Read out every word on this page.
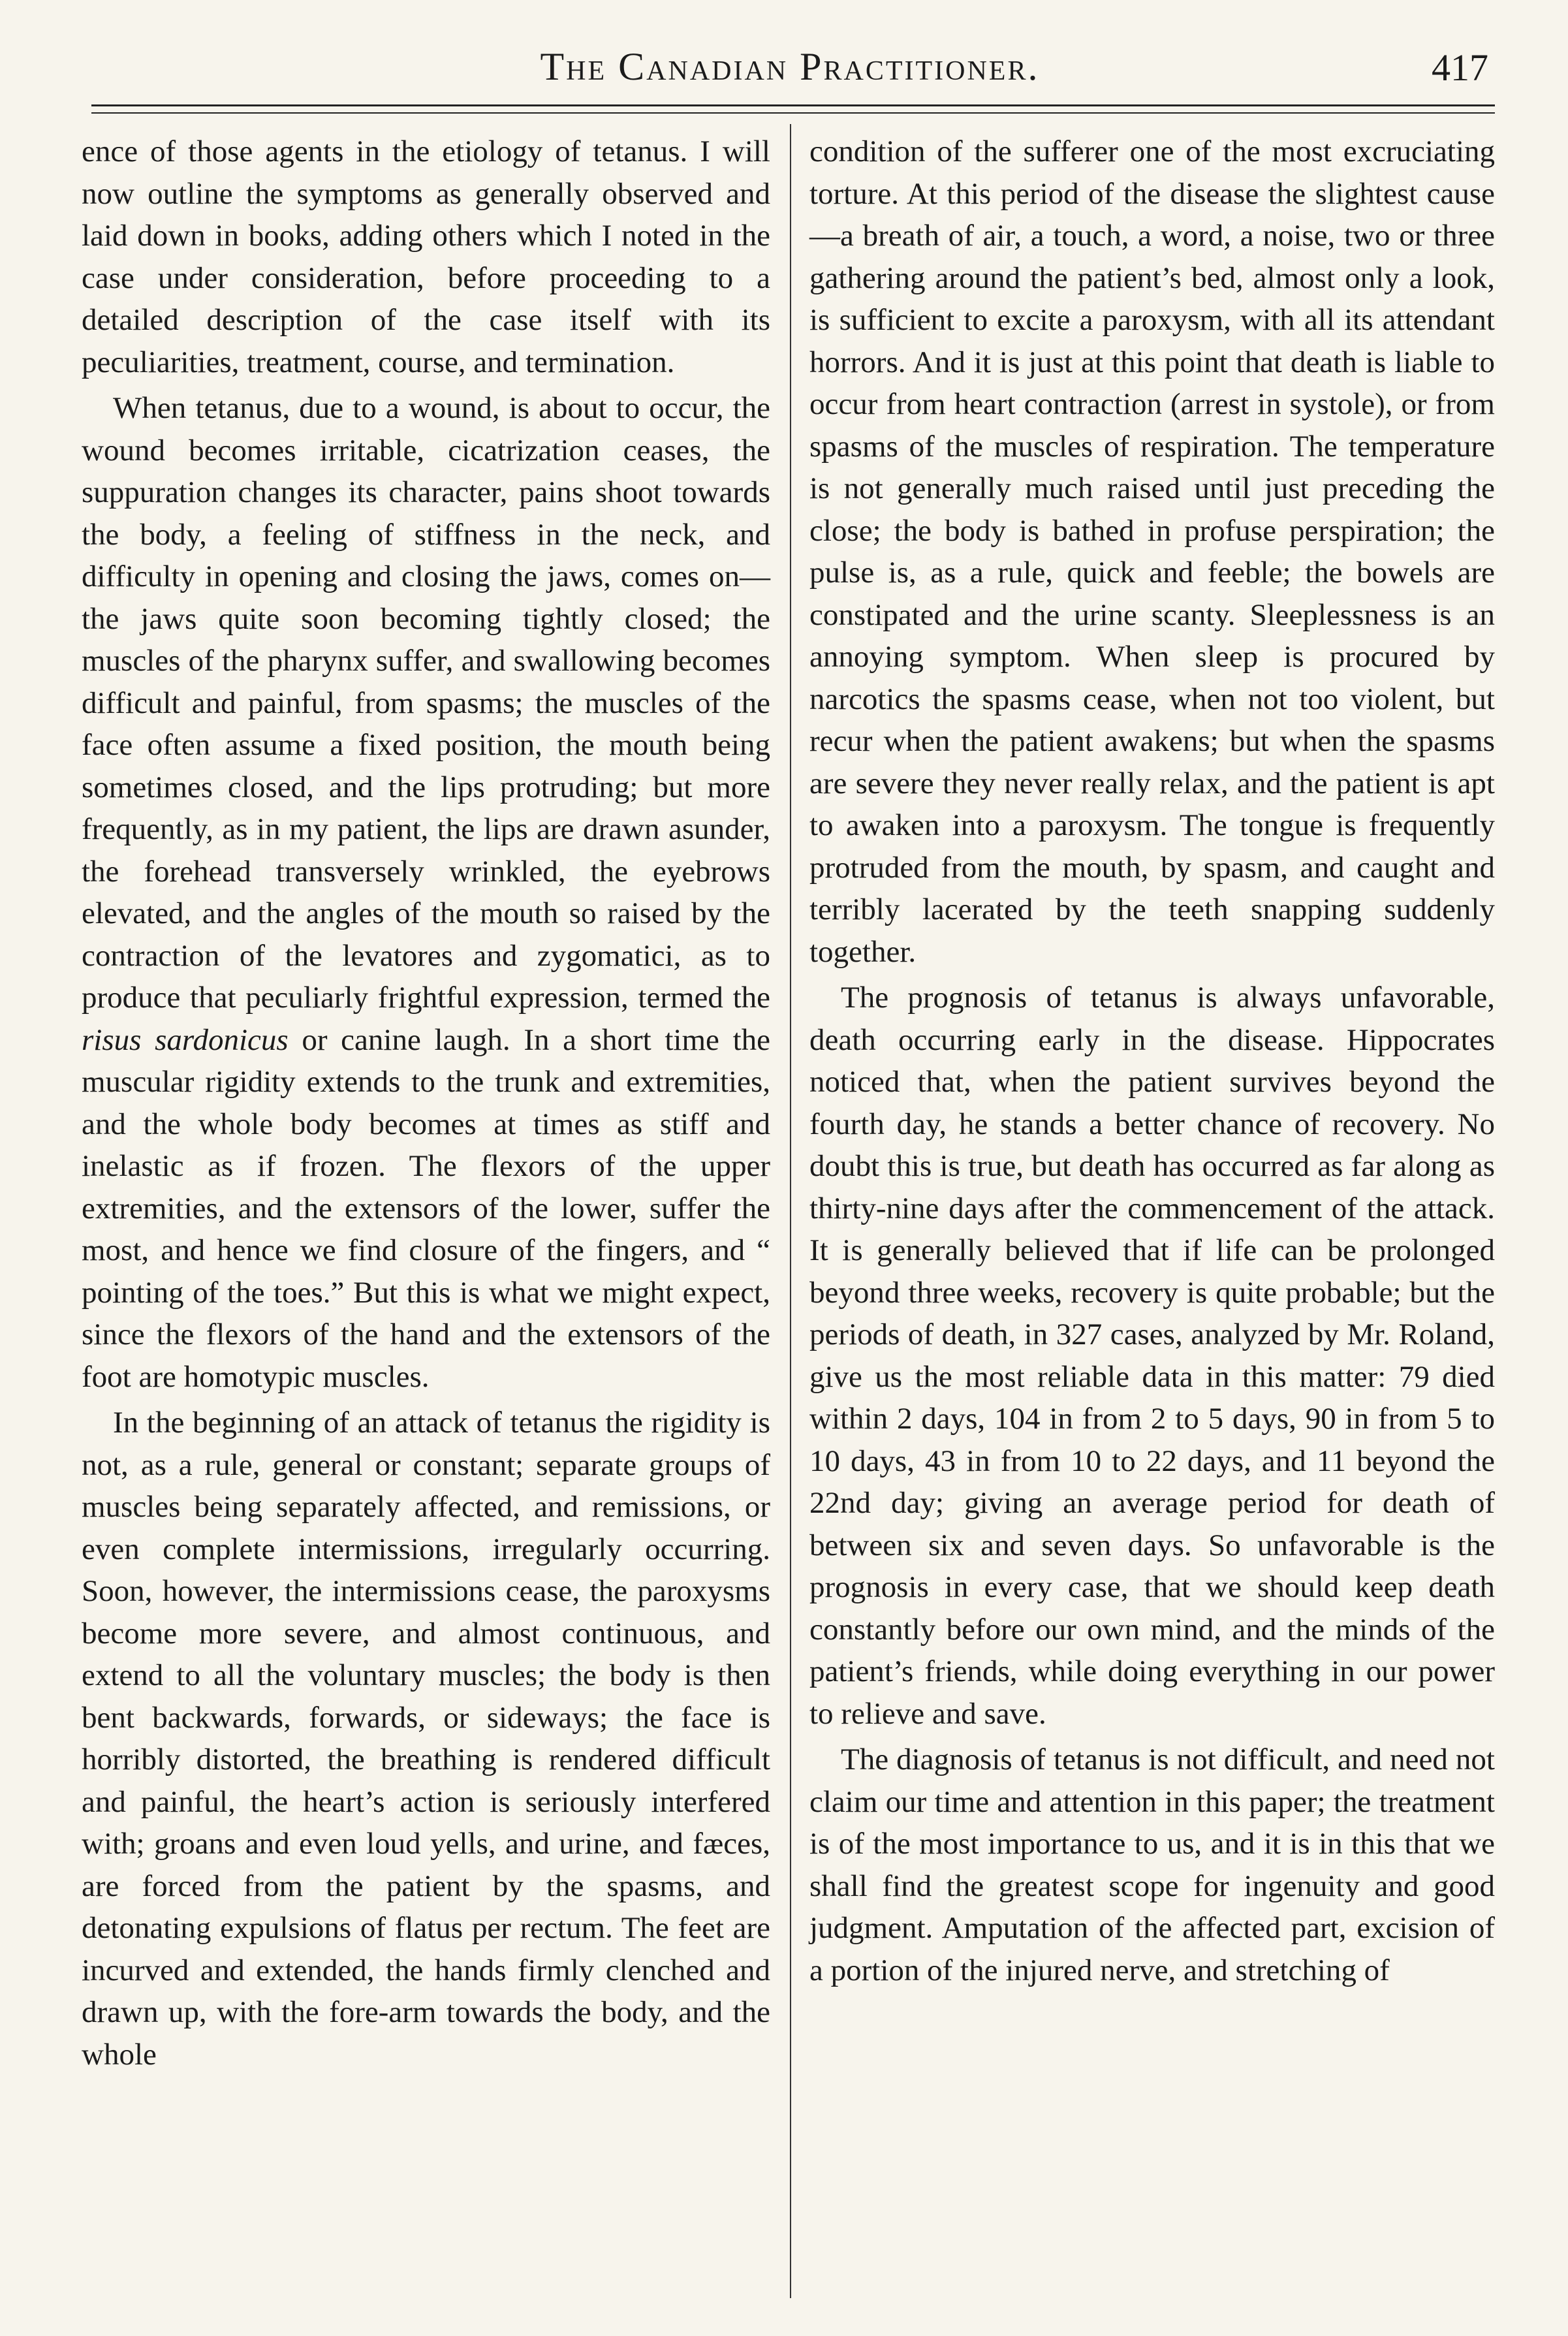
The Canadian Practitioner.	417

ence of those agents in the etiology of tetanus. I will now outline the symptoms as generally observed and laid down in books, adding others which I noted in the case under consideration, before proceeding to a detailed description of the case itself with its peculiarities, treatment, course, and termination.

When tetanus, due to a wound, is about to occur, the wound becomes irritable, cicatrization ceases, the suppuration changes its character, pains shoot towards the body, a feeling of stiffness in the neck, and difficulty in opening and closing the jaws, comes on—the jaws quite soon becoming tightly closed; the muscles of the pharynx suffer, and swallowing becomes difficult and painful, from spasms; the muscles of the face often assume a fixed position, the mouth being sometimes closed, and the lips protruding; but more frequently, as in my patient, the lips are drawn asunder, the forehead transversely wrinkled, the eyebrows elevated, and the angles of the mouth so raised by the contraction of the levatores and zygomatici, as to produce that peculiarly frightful expression, termed the risus sardonicus or canine laugh. In a short time the muscular rigidity extends to the trunk and extremities, and the whole body becomes at times as stiff and inelastic as if frozen. The flexors of the upper extremities, and the extensors of the lower, suffer the most, and hence we find closure of the fingers, and “ pointing of the toes.” But this is what we might expect, since the flexors of the hand and the extensors of the foot are homotypic muscles.

In the beginning of an attack of tetanus the rigidity is not, as a rule, general or constant; separate groups of muscles being separately affected, and remissions, or even complete intermissions, irregularly occurring. Soon, however, the intermissions cease, the paroxysms become more severe, and almost continuous, and extend to all the voluntary muscles; the body is then bent backwards, forwards, or sideways; the face is horribly distorted, the breathing is rendered difficult and painful, the heart’s action is seriously interfered with; groans and even loud yells, and urine, and fæces, are forced from the patient by the spasms, and detonating expulsions of flatus per rectum. The feet are incurved and extended, the hands firmly clenched and drawn up, with the fore-arm towards the body, and the whole

condition of the sufferer one of the most excruciating torture. At this period of the disease the slightest cause—a breath of air, a touch, a word, a noise, two or three gathering around the patient’s bed, almost only a look, is sufficient to excite a paroxysm, with all its attendant horrors. And it is just at this point that death is liable to occur from heart contraction (arrest in systole), or from spasms of the muscles of respiration. The temperature is not generally much raised until just preceding the close; the body is bathed in profuse perspiration; the pulse is, as a rule, quick and feeble; the bowels are constipated and the urine scanty. Sleeplessness is an annoying symptom. When sleep is procured by narcotics the spasms cease, when not too violent, but recur when the patient awakens; but when the spasms are severe they never really relax, and the patient is apt to awaken into a paroxysm. The tongue is frequently protruded from the mouth, by spasm, and caught and terribly lacerated by the teeth snapping suddenly together.

The prognosis of tetanus is always unfavorable, death occurring early in the disease. Hippocrates noticed that, when the patient survives beyond the fourth day, he stands a better chance of recovery. No doubt this is true, but death has occurred as far along as thirty-nine days after the commencement of the attack. It is generally believed that if life can be prolonged beyond three weeks, recovery is quite probable; but the periods of death, in 327 cases, analyzed by Mr. Roland, give us the most reliable data in this matter: 79 died within 2 days, 104 in from 2 to 5 days, 90 in from 5 to 10 days, 43 in from 10 to 22 days, and 11 beyond the 22nd day; giving an average period for death of between six and seven days. So unfavorable is the prognosis in every case, that we should keep death constantly before our own mind, and the minds of the patient’s friends, while doing everything in our power to relieve and save.

The diagnosis of tetanus is not difficult, and need not claim our time and attention in this paper; the treatment is of the most importance to us, and it is in this that we shall find the greatest scope for ingenuity and good judgment. Amputation of the affected part, excision of a portion of the injured nerve, and stretching of
